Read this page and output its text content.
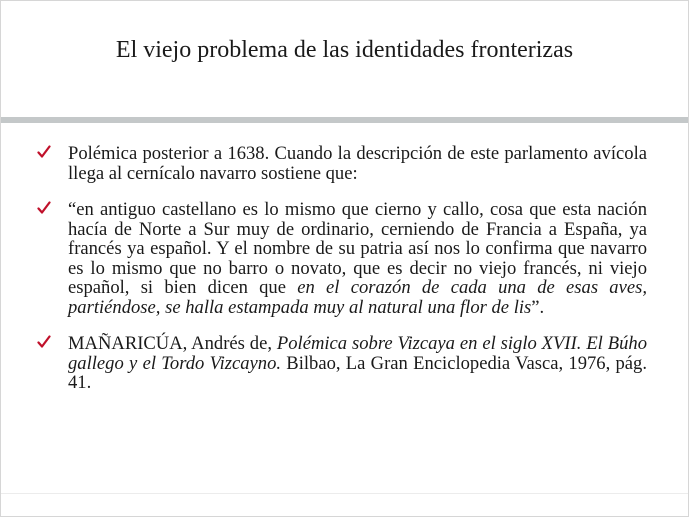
El viejo problema de las identidades fronterizas
Polémica posterior a 1638. Cuando la descripción de este parlamento avícola llega al cernícalo navarro sostiene que:
“en antiguo castellano es lo mismo que cierno y callo, cosa que esta nación hacía de Norte a Sur muy de ordinario, cerniendo de Francia a España, ya francés ya español. Y el nombre de su patria así nos lo confirma que navarro es lo mismo que no barro o novato, que es decir no viejo francés, ni viejo español, si bien dicen que en el corazón de cada una de esas aves, partiéndose, se halla estampada muy al natural una flor de lis”.
MAÑARICÚA, Andrés de, Polémica sobre Vizcaya en el siglo XVII. El Búho gallego y el Tordo Vizcayno. Bilbao, La Gran Enciclopedia Vasca, 1976, pág. 41.
